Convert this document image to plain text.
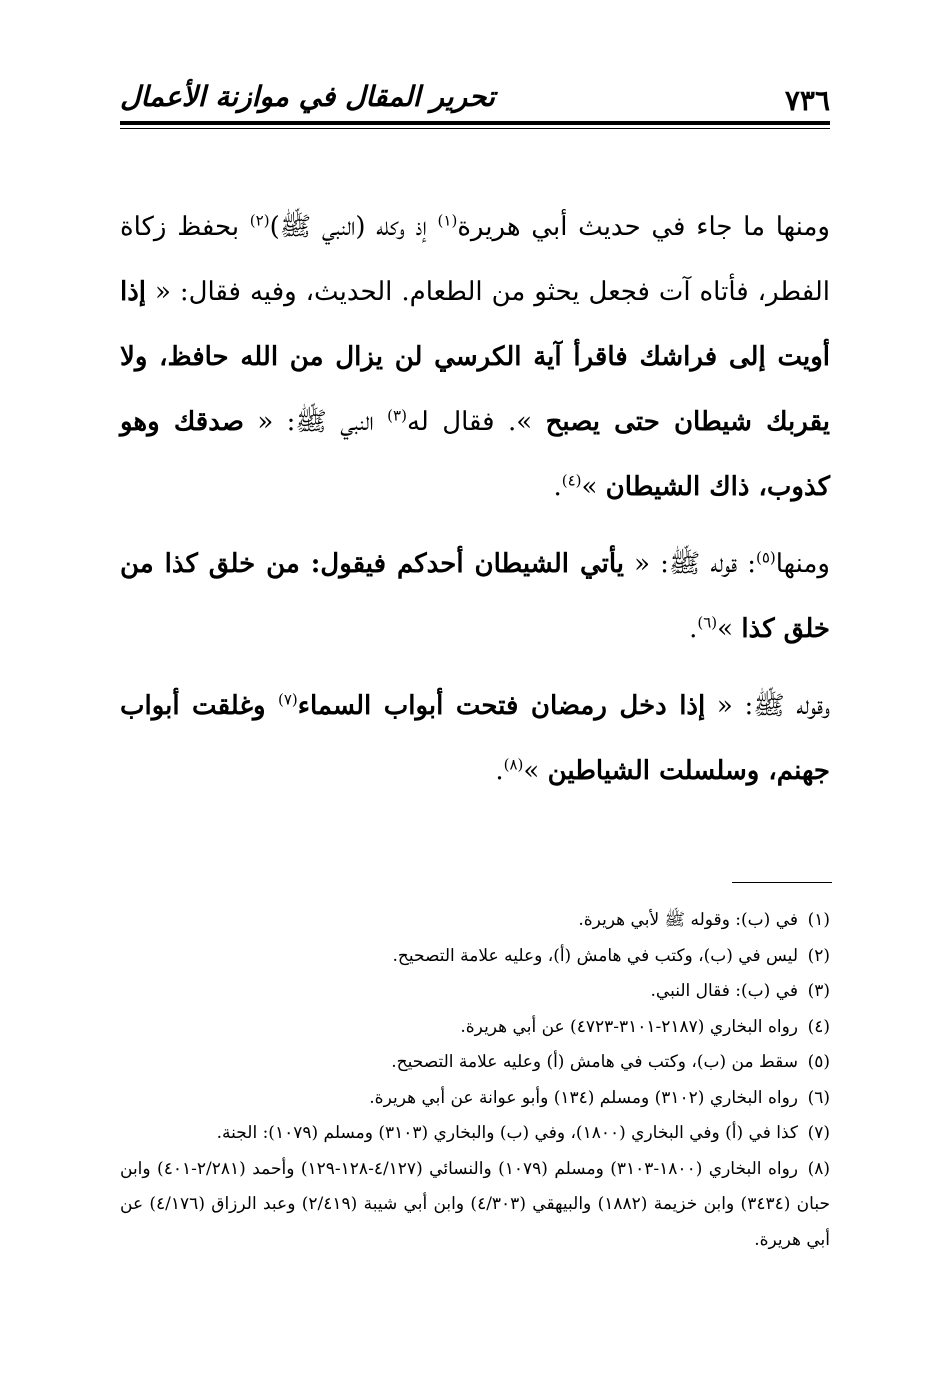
٧٣٦
تحرير المقال في موازنة الأعمال

ومنها ما جاء في حديث أبي هريرة$^{(١)}$ إذ وكله (النبي ﷺ)$^{(٢)}$ بحفظ زكاة الفطر، فأتاه آت فجعل يحثو من الطعام. الحديث، وفيه فقال: « إذا أويت إلى فراشك فاقرأ آية الكرسي لن يزال من الله حافظ، ولا يقربك شيطان حتى يصبح ». فقال له$^{(٣)}$ النبي ﷺ: « صدقك وهو كذوب، ذاك الشيطان »$^{(٤)}$.

ومنها$^{(٥)}$: قوله ﷺ: « يأتي الشيطان أحدكم فيقول: من خلق كذا من خلق كذا »$^{(٦)}$.

وقوله ﷺ: « إذا دخل رمضان فتحت أبواب السماء$^{(٧)}$ وغلقت أبواب جهنم، وسلسلت الشياطين »$^{(٨)}$.

(١)في (ب): وقوله ﷺ لأبي هريرة.

(٢)ليس في (ب)، وكتب في هامش (أ)، وعليه علامة التصحيح.

(٣)في (ب): فقال النبي.

(٤)رواه البخاري (٢١٨٧-٣١٠١-٤٧٢٣) عن أبي هريرة.

(٥)سقط من (ب)، وكتب في هامش (أ) وعليه علامة التصحيح.

(٦)رواه البخاري (٣١٠٢) ومسلم (١٣٤) وأبو عوانة عن أبي هريرة.

(٧)كذا في (أ) وفي البخاري (١٨٠٠)، وفي (ب) والبخاري (٣١٠٣) ومسلم (١٠٧٩): الجنة.

(٨)رواه البخاري (١٨٠٠-٣١٠٣) ومسلم (١٠٧٩) والنسائي (٤/١٢٧-١٢٨-١٢٩) وأحمد (٢/٢٨١-٤٠١) وابن حبان (٣٤٣٤) وابن خزيمة (١٨٨٢) والبيهقي (٤/٣٠٣) وابن أبي شيبة (٢/٤١٩) وعبد الرزاق (٤/١٧٦) عن أبي هريرة.
